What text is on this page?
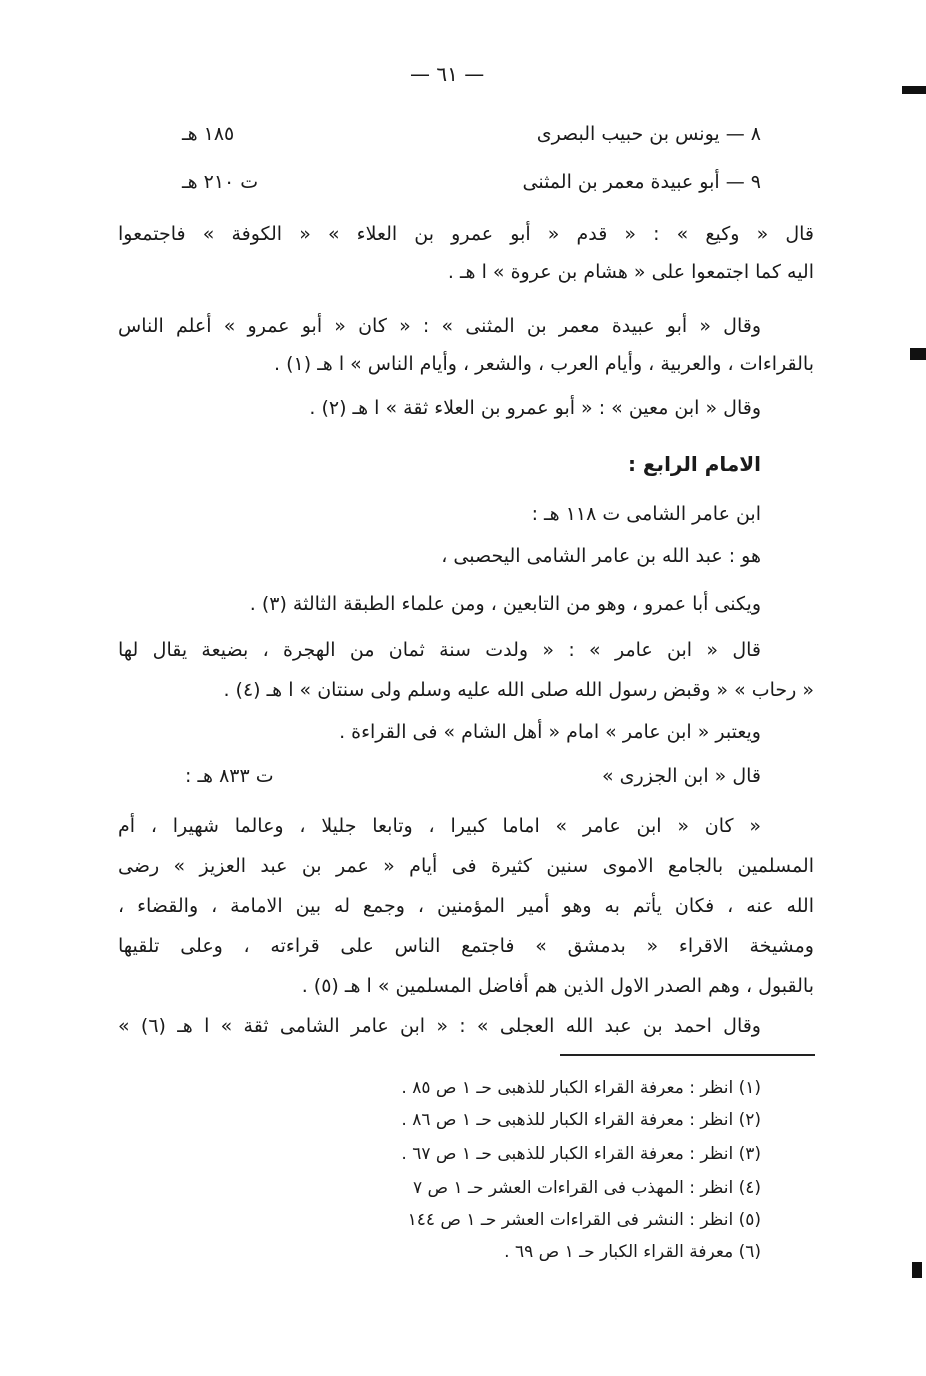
— ٦١ —
٨ — يونس بن حبيب البصرى
١٨٥ هـ
٩ — أبو عبيدة معمر بن المثنى
ت ٢١٠ هـ
قال « وكيع » : « قدم « أبو عمرو بن العلاء » « الكوفة » فاجتمعوا
اليه كما اجتمعوا على « هشام بن عروة » ا هـ .
وقال « أبو عبيدة معمر بن المثنى » : « كان « أبو عمرو » أعلم الناس
بالقراءات ، والعربية ، وأيام العرب ، والشعر ، وأيام الناس » ا هـ (١) .
وقال « ابن معين » : « أبو عمرو بن العلاء ثقة » ا هـ (٢) .
الامام الرابع :
ابن عامر الشامى ت ١١٨ هـ :
هو : عبد الله بن عامر الشامى اليحصبى ،
ويكنى أبا عمرو ، وهو من التابعين ، ومن علماء الطبقة الثالثة (٣) .
قال « ابن عامر » : « ولدت سنة ثمان من الهجرة ، بضيعة يقال لها
« رحاب » « وقبض رسول الله صلى الله عليه وسلم ولى سنتان » ا هـ (٤) .
ويعتبر « ابن عامر » امام « أهل الشام » فى القراءة .
قال « ابن الجزرى »
ت ٨٣٣ هـ :
« كان « ابن عامر » اماما كبيرا ، وتابعا جليلا ، وعالما شهيرا ، أم
المسلمين بالجامع الاموى سنين كثيرة فى أيام « عمر بن عبد العزيز » رضى
الله عنه ، فكان يأتم به وهو أمير المؤمنين ، وجمع له بين الامامة ، والقضاء ،
ومشيخة الاقراء « بدمشق » فاجتمع الناس على قراءته ، وعلى تلقيها
بالقبول ، وهم الصدر الاول الذين هم أفاضل المسلمين » ا هـ (٥) .
وقال احمد بن عبد الله العجلى » : « ابن عامر الشامى ثقة » ا هـ (٦) »
(١) انظر : معرفة القراء الكبار للذهبى حـ ١ ص ٨٥ .
(٢) انظر : معرفة القراء الكبار للذهبى حـ ١ ص ٨٦ .
(٣) انظر : معرفة القراء الكبار للذهبى حـ ١ ص ٦٧ .
(٤) انظر : المهذب فى القراءات العشر حـ ١ ص ٧
(٥) انظر : النشر فى القراءات العشر حـ ١ ص ١٤٤
(٦) معرفة القراء الكبار حـ ١ ص ٦٩ .
